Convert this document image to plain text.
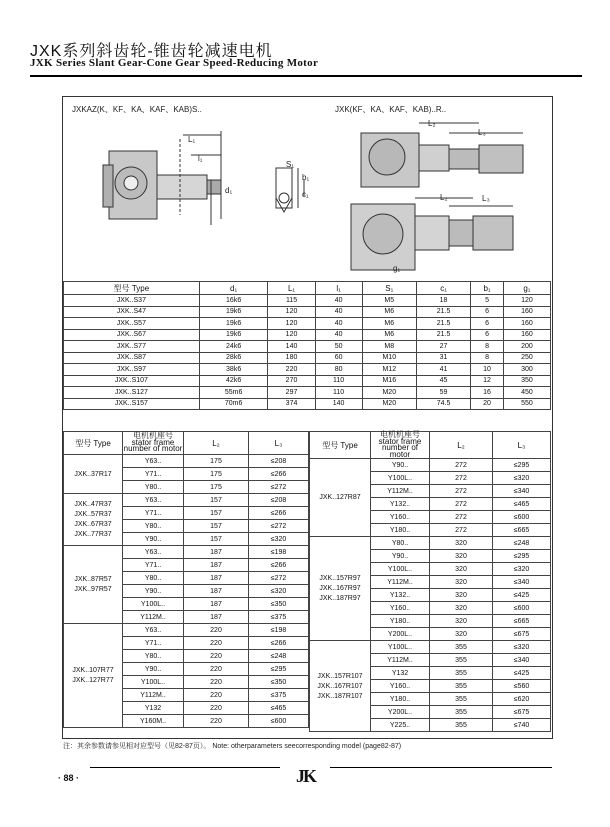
JXK系列斜齿轮-锥齿轮减速电机
JXK Series Slant Gear-Cone Gear Speed-Reducing Motor
JXKAZ(K、KF、KA、KAF、KAB)S..	JXK(KF、KA、KAF、KAB)..R..
L₁
l₁
d₁
S₁
b₁
c₁
L₂
L₃
L₂	L₃
g₁
型号 Type	d₁	L₁	l₁	S₁	c₁	b₁	g₁
JXK..S37	16k6	115	40	M5	18	5	120
JXK..S47	19k6	120	40	M6	21.5	6	160
JXK..S57	19k6	120	40	M6	21.5	6	160
JXK..S67	19k6	120	40	M6	21.5	6	160
JXK..S77	24k6	140	50	M8	27	8	200
JXK..S87	28k6	180	60	M10	31	8	250
JXK..S97	38k6	220	80	M12	41	10	300
JXK..S107	42k6	270	110	M16	45	12	350
JXK..S127	55m6	297	110	M20	59	16	450
JXK..S157	70m6	374	140	M20	74.5	20	550
型号 Type	电机机座号
stator frame
number of motor	L₂	L₃

JXK..37R17	Y63..	175	≤208
	Y71..	175	≤266
	Y80..	175	≤272

JXK..47R37
JXK..57R37
JXK..67R37
JXK..77R37	Y63..	157	≤208
	Y71..	157	≤266
	Y80..	157	≤272
	Y90..	157	≤320

JXK..87R57
JXK..97R57	Y63..	187	≤198
	Y71..	187	≤266
	Y80..	187	≤272
	Y90..	187	≤320
	Y100L..	187	≤350
	Y112M..	187	≤375

JXK..107R77
JXK..127R77	Y63..	220	≤198
	Y71..	220	≤266
	Y80..	220	≤248
	Y90..	220	≤295
	Y100L..	220	≤350
	Y112M..	220	≤375
	Y132	220	≤465
	Y160M..	220	≤600
型号 Type	电机机座号
stator frame
number of motor	L₂	L₃

JXK..127R87	Y90..	272	≤295
	Y100L..	272	≤320
	Y112M..	272	≤340
	Y132..	272	≤465
	Y160..	272	≤600
	Y180..	272	≤665

JXK..157R97
JXK..167R97
JXK..187R97	Y80..	320	≤248
	Y90..	320	≤295
	Y100L..	320	≤320
	Y112M..	320	≤340
	Y132..	320	≤425
	Y160..	320	≤600
	Y180..	320	≤665
	Y200L..	320	≤675

JXK..157R107
JXK..167R107
JXK..187R107	Y100L..	355	≤320
	Y112M..	355	≤340
	Y132	355	≤425
	Y160..	355	≤560
	Y180..	355	≤620
	Y200L..	355	≤675
	Y225..	355	≤740
注：其余参数请参见相对应型号（见82-87页）。 Note: otherparameters seecorresponding model (page82-87)
· 88 ·	JK
